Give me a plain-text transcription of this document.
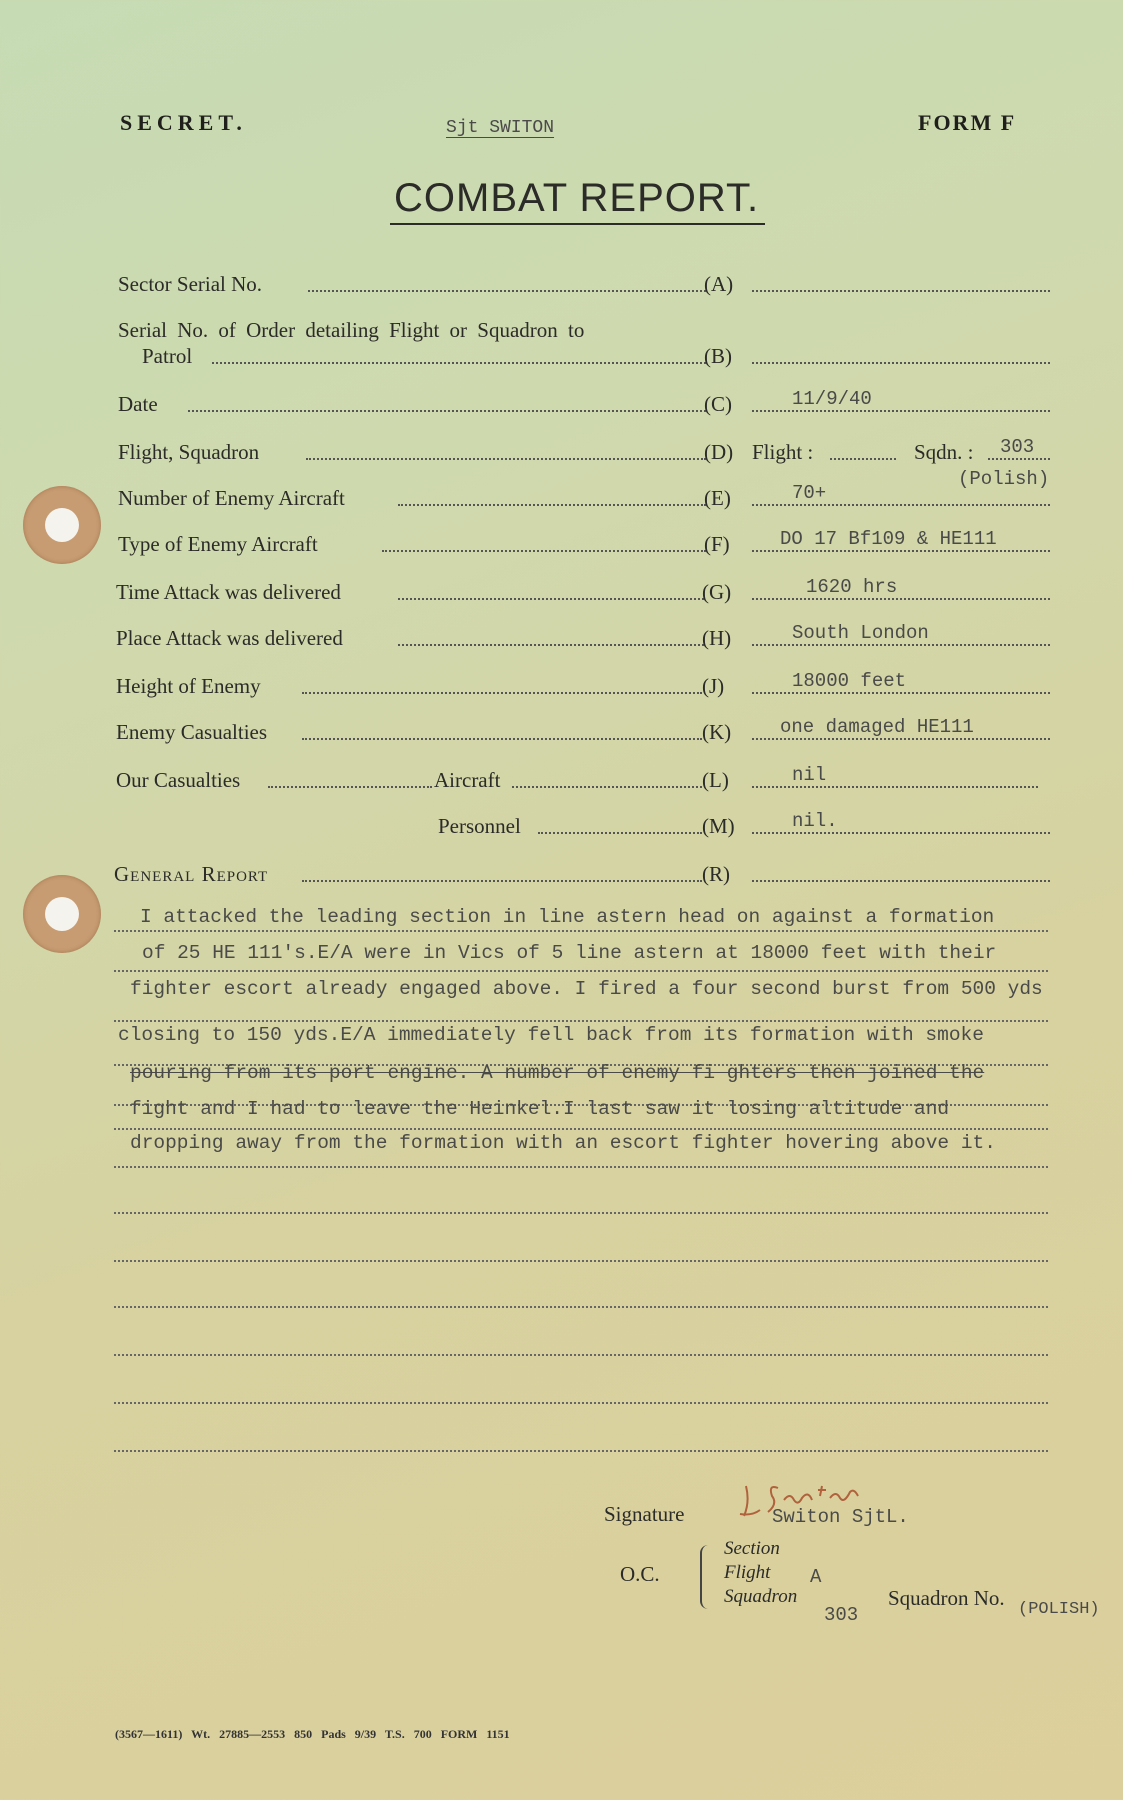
SECRET.	Sjt SWITON	FORM F
COMBAT REPORT.
Sector Serial No.	(A)
Serial No. of Order detailing Flight or Squadron to
Patrol	(B)
Date	(C)	11/9/40
Flight, Squadron	(D) Flight :	Sqdn. : 303
(Polish)
Number of Enemy Aircraft	(E)	70+
Type of Enemy Aircraft	(F)	DO 17 Bf109 & HE111
Time Attack was delivered	(G)	1620 hrs
Place Attack was delivered	(H)	South London
Height of Enemy	(J)	18000 feet
Enemy Casualties	(K)	one damaged HE111
Our Casualties	Aircraft	(L)	nil
Personnel	(M)	nil.
General Report	(R)
I attacked the leading section in line astern head on against a formation
of 25 HE 111's.E/A were in Vics of 5 line astern at 18000 feet with their
fighter escort already engaged above. I fired a four second burst from 500 yds
closing to 150 yds.E/A immediately fell back from its formation with smoke
pouring from its port engine. A number of enemy fi ghters then joined the
fight and I had to leave the Heinkel.I last saw it losing altitude and
dropping away from the formation with an escort fighter hovering above it.
Signature	Switon SjtL.
O.C.
Section
Flight A
Squadron
303
Squadron No. (POLISH)
(3567—1611) Wt. 27885—2553 850 Pads 9/39 T.S. 700 FORM 1151
